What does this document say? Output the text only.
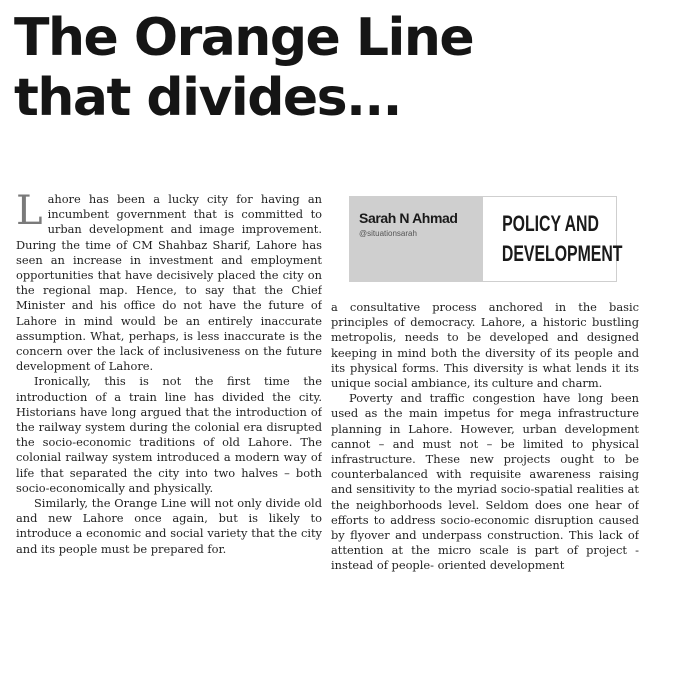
The Orange Line
that divides...

Lahore has been a lucky city for having an incumbent government that is committed to urban development and image improvement. During the time of CM Shahbaz Sharif, Lahore has seen an increase in investment and employment opportunities that have decisively placed the city on the regional map. Hence, to say that the Chief Minister and his office do not have the future of Lahore in mind would be an entirely inaccurate assumption. What, perhaps, is less inaccurate is the concern over the lack of inclusiveness on the future development of Lahore.

Ironically, this is not the first time the introduction of a train line has divided the city. Historians have long argued that the introduction of the railway system during the colonial era disrupted the socio-economic traditions of old Lahore. The colonial railway system introduced a modern way of life that separated the city into two halves – both socio-economically and physically.

Similarly, the Orange Line will not only divide old and new Lahore once again, but is likely to introduce a economic and social variety that the city and its people must be prepared for.

Sarah N Ahmad
@situationsarah	POLICY AND
DEVELOPMENT

a consultative process anchored in the basic principles of democracy. Lahore, a historic bustling metropolis, needs to be developed and designed keeping in mind both the diversity of its people and its physical forms. This diversity is what lends it its unique social ambiance, its culture and charm.

Poverty and traffic congestion have long been used as the main impetus for mega infrastructure planning in Lahore. However, urban development cannot – and must not – be limited to physical infrastructure. These new projects ought to be counterbalanced with requisite awareness raising and sensitivity to the myriad socio-spatial realities at the neighborhoods level. Seldom does one hear of efforts to address socio-economic disruption caused by flyover and underpass construction. This lack of attention at the micro scale is part of project - instead of people- oriented development
